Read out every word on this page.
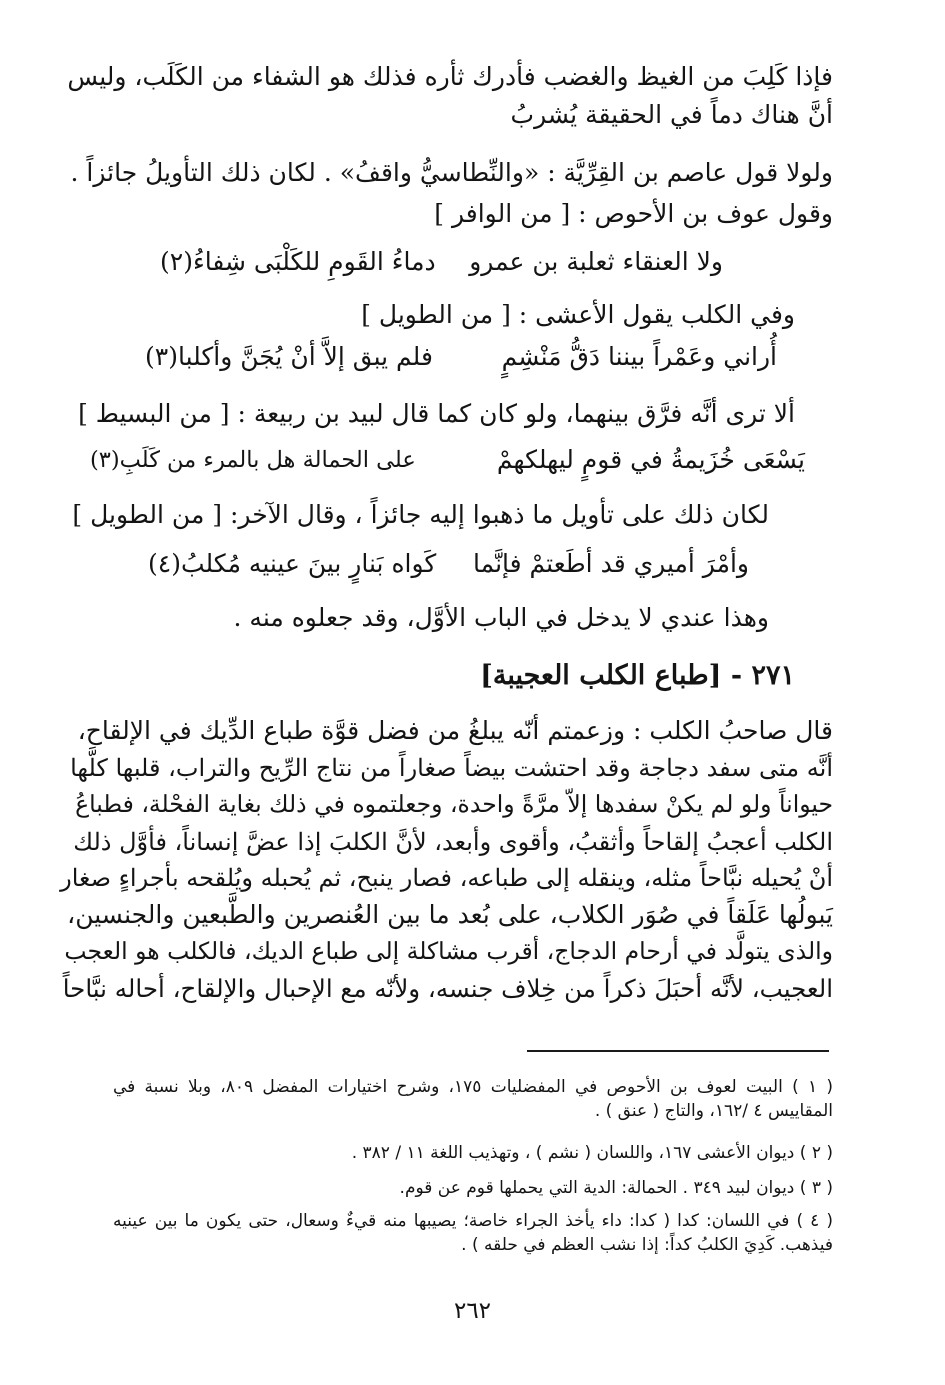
فإذا كَلِبَ من الغيظ والغضب فأدرك ثأره فذلك هو الشفاء من الكَلَب، وليس
أنَّ هناك دماً في الحقيقة يُشربُ
ولولا قول عاصم بن القِرِّيَّة : «والنِّطاسيُّ واقفُ» . لكان ذلك التأويلُ جائزاً .
وقول عوف بن الأحوص : [ من الوافر ]
ولا العنقاء ثعلبة بن عمرو
دماءُ القَومِ للكَلْبَى شِفاءُ(٢)
وفي الكلب يقول الأعشى : [ من الطويل ]
أُراني وعَمْراً بيننا دَقُّ مَنْشِمٍ
فلم يبق إلاَّ أنْ يُجَنَّ وأكلبا(٣)
ألا ترى أنَّه فرَّق بينهما، ولو كان كما قال لبيد بن ربيعة : [ من البسيط ]
يَسْعَى خُزَيمةُ في قومٍ ليهلكهمْ
على الحمالة هل بالمرء من كَلَبِ(٣)
لكان ذلك على تأويل ما ذهبوا إليه جائزاً ، وقال الآخر: [ من الطويل ]
وأمْرَ أميري قد أطَعتمْ فإنَّما
كَواه بَنارٍ بينَ عينيه مُكلبُ(٤)
وهذا عندي لا يدخل في الباب الأوَّل، وقد جعلوه منه .
٢٧١ - [طباع الكلب العجيبة]
قال صاحبُ الكلب : وزعمتم أنّه يبلغُ من فضل قوَّة طباع الدِّيك في الإلقاح،
أنَّه متى سفد دجاجة وقد احتشت بيضاً صغاراً من نتاج الرِّيح والتراب، قلبها كلَّها
حيواناً ولو لم يكنْ سفدها إلاّ مرَّةً واحدة، وجعلتموه في ذلك بغاية الفحْلة، فطباعُ
الكلب أعجبُ إلقاحاً وأثقبُ، وأقوى وأبعد، لأنَّ الكلبَ إذا عضَّ إنساناً، فأوَّل ذلك
أنْ يُحيله نبَّاحاً مثله، وينقله إلى طباعه، فصار ينبح، ثم يُحبله ويُلقحه بأجراءٍ صغار
يَبولُها عَلَقاً في صُوَر الكلاب، على بُعد ما بين العُنصرين والطَّبعين والجنسين،
والذى يتولَّد في أرحام الدجاج، أقرب مشاكلة إلى طباع الديك، فالكلب هو العجب
العجيب، لأنَّه أحبَلَ ذكراً من خِلاف جنسه، ولأنّه مع الإحبال والإلقاح، أحاله نبَّاحاً
( ١ ) البيت لعوف بن الأحوص في المفضليات ١٧٥، وشرح اختيارات المفضل ٨٠٩، وبلا نسبة في المقاييس ٤ /١٦٢، والتاج ( عنق ) .
( ٢ ) ديوان الأعشى ١٦٧، واللسان ( نشم ) ، وتهذيب اللغة ١١ / ٣٨٢ .
( ٣ ) ديوان لبيد ٣٤٩ . الحمالة: الدية التي يحملها قوم عن قوم.
( ٤ ) في اللسان: كدا ( كدا: داء يأخذ الجراء خاصة؛ يصيبها منه قيءٌ وسعال، حتى يكون ما بين عينيه فيذهب. كَدِيَ الكلبُ كداً: إذا نشب العظم في حلقه ) .
٢٦٢
